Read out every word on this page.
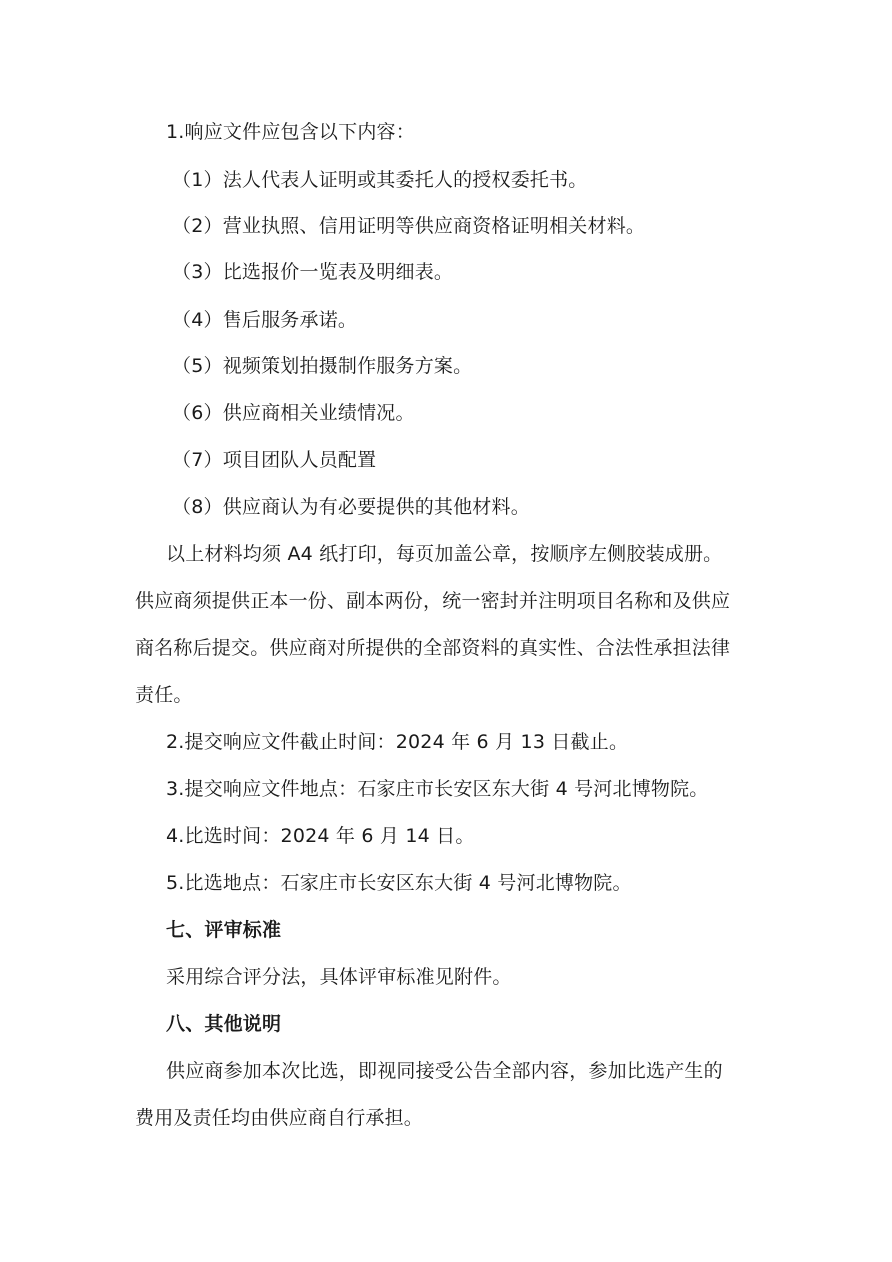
1.响应文件应包含以下内容：
（1）法人代表人证明或其委托人的授权委托书。
（2）营业执照、信用证明等供应商资格证明相关材料。
（3）比选报价一览表及明细表。
（4）售后服务承诺。
（5）视频策划拍摄制作服务方案。
（6）供应商相关业绩情况。
（7）项目团队人员配置
（8）供应商认为有必要提供的其他材料。
以上材料均须 A4 纸打印，每页加盖公章，按顺序左侧胶装成册。
供应商须提供正本一份、副本两份，统一密封并注明项目名称和及供应
商名称后提交。供应商对所提供的全部资料的真实性、合法性承担法律
责任。
2.提交响应文件截止时间：2024 年 6 月 13 日截止。
3.提交响应文件地点：石家庄市长安区东大街 4 号河北博物院。
4.比选时间：2024 年 6 月 14 日。
5.比选地点：石家庄市长安区东大街 4 号河北博物院。
七、评审标准
采用综合评分法，具体评审标准见附件。
八、其他说明
供应商参加本次比选，即视同接受公告全部内容，参加比选产生的
费用及责任均由供应商自行承担。
